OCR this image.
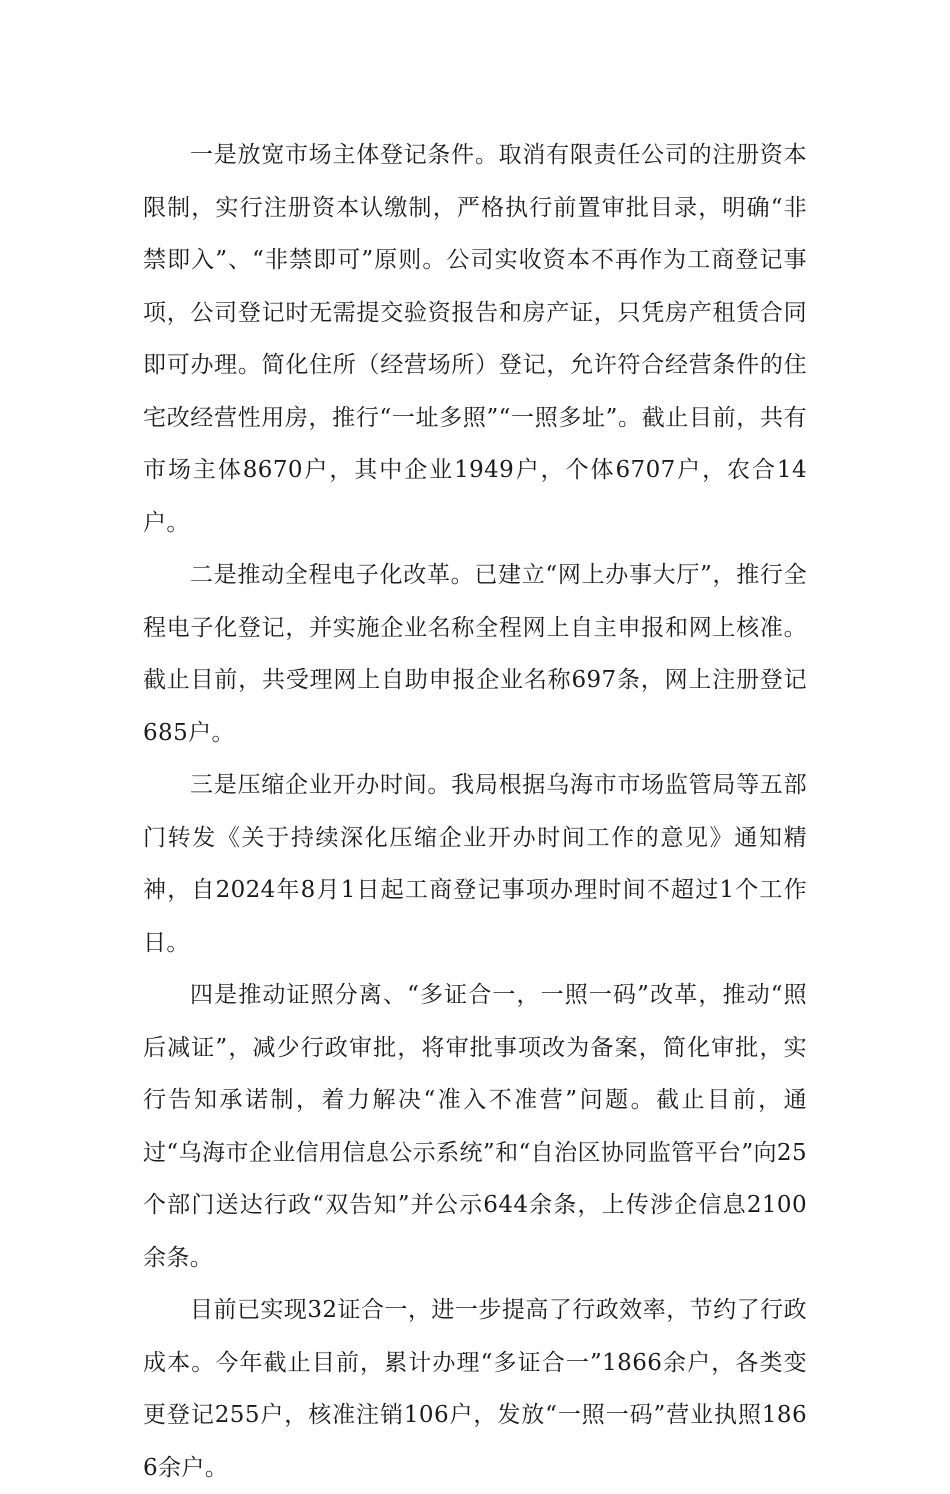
一是放宽市场主体登记条件。取消有限责任公司的注册资本限制，实行注册资本认缴制，严格执行前置审批目录，明确“非禁即入”、“非禁即可”原则。公司实收资本不再作为工商登记事项，公司登记时无需提交验资报告和房产证，只凭房产租赁合同即可办理。简化住所（经营场所）登记，允许符合经营条件的住宅改经营性用房，推行“一址多照”“一照多址”。截止目前，共有市场主体8670户，其中企业1949户，个体6707户，农合14户。

二是推动全程电子化改革。已建立“网上办事大厅”，推行全程电子化登记，并实施企业名称全程网上自主申报和网上核准。截止目前，共受理网上自助申报企业名称697条，网上注册登记685户。

三是压缩企业开办时间。我局根据乌海市市场监管局等五部门转发《关于持续深化压缩企业开办时间工作的意见》通知精神，自2024年8月1日起工商登记事项办理时间不超过1个工作日。

四是推动证照分离、“多证合一，一照一码”改革，推动“照后减证”，减少行政审批，将审批事项改为备案，简化审批，实行告知承诺制，着力解决“准入不准营”问题。截止目前，通过“乌海市企业信用信息公示系统”和“自治区协同监管平台”向25个部门送达行政“双告知”并公示644余条，上传涉企信息2100余条。

目前已实现32证合一，进一步提高了行政效率，节约了行政成本。今年截止目前，累计办理“多证合一”1866余户，各类变更登记255户，核准注销106户，发放“一照一码”营业执照1866余户。
